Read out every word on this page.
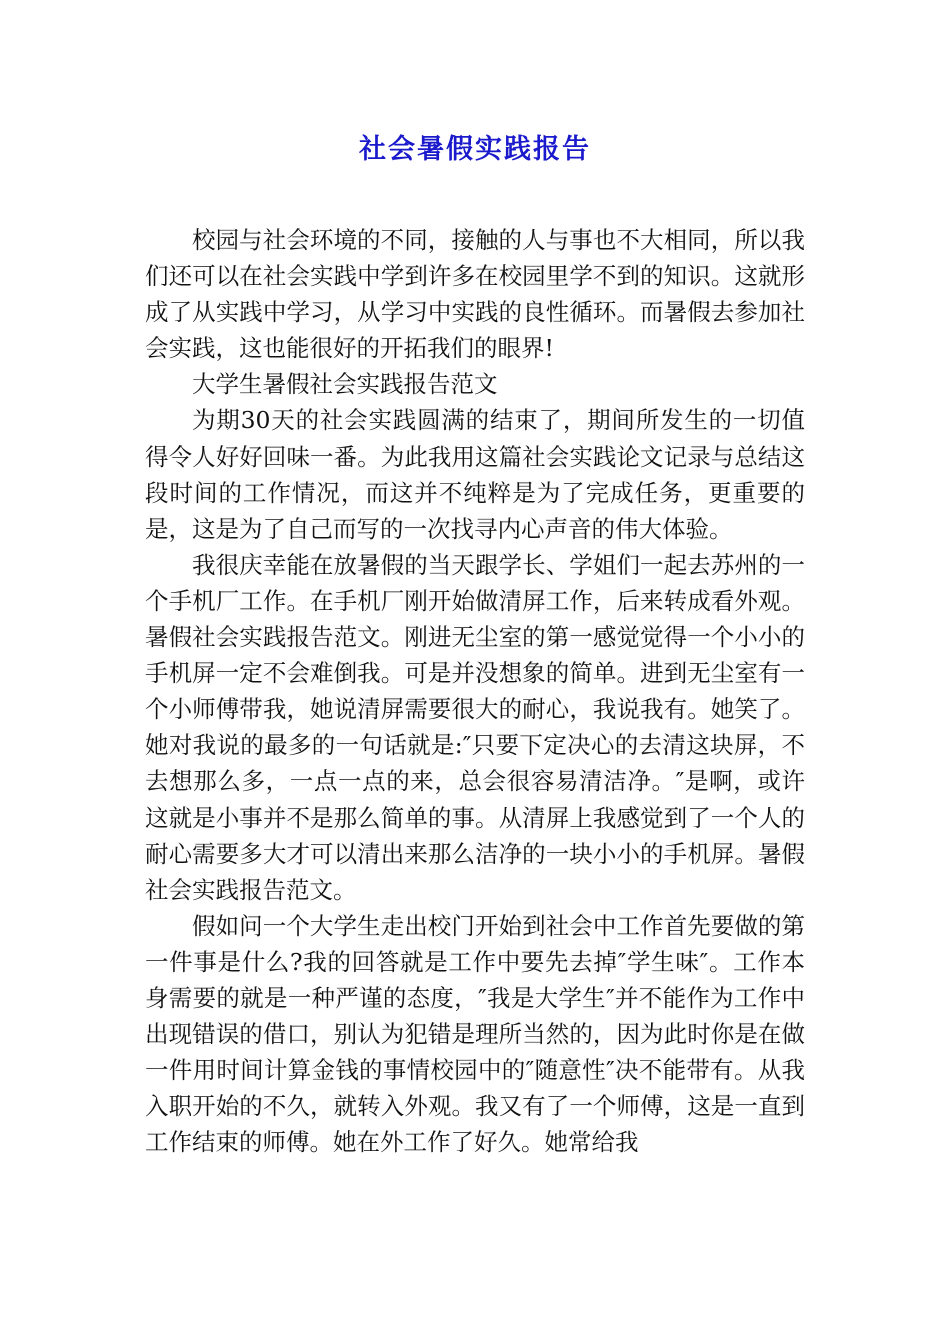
社会暑假实践报告

校园与社会环境的不同，接触的人与事也不大相同，所以我们还可以在社会实践中学到许多在校园里学不到的知识。这就形成了从实践中学习，从学习中实践的良性循环。而暑假去参加社会实践，这也能很好的开拓我们的眼界!

大学生暑假社会实践报告范文

为期30天的社会实践圆满的结束了，期间所发生的一切值得令人好好回味一番。为此我用这篇社会实践论文记录与总结这段时间的工作情况，而这并不纯粹是为了完成任务，更重要的是，这是为了自己而写的一次找寻内心声音的伟大体验。

我很庆幸能在放暑假的当天跟学长、学姐们一起去苏州的一个手机厂工作。在手机厂刚开始做清屏工作，后来转成看外观。暑假社会实践报告范文。刚进无尘室的第一感觉觉得一个小小的手机屏一定不会难倒我。可是并没想象的简单。进到无尘室有一个小师傅带我，她说清屏需要很大的耐心，我说我有。她笑了。她对我说的最多的一句话就是:″只要下定决心的去清这块屏，不去想那么多，一点一点的来，总会很容易清洁净。″是啊，或许这就是小事并不是那么简单的事。从清屏上我感觉到了一个人的耐心需要多大才可以清出来那么洁净的一块小小的手机屏。暑假社会实践报告范文。

假如问一个大学生走出校门开始到社会中工作首先要做的第一件事是什么?我的回答就是工作中要先去掉″学生味″。工作本身需要的就是一种严谨的态度，″我是大学生″并不能作为工作中出现错误的借口，别认为犯错是理所当然的，因为此时你是在做一件用时间计算金钱的事情校园中的″随意性″决不能带有。从我入职开始的不久，就转入外观。我又有了一个师傅，这是一直到工作结束的师傅。她在外工作了好久。她常给我
